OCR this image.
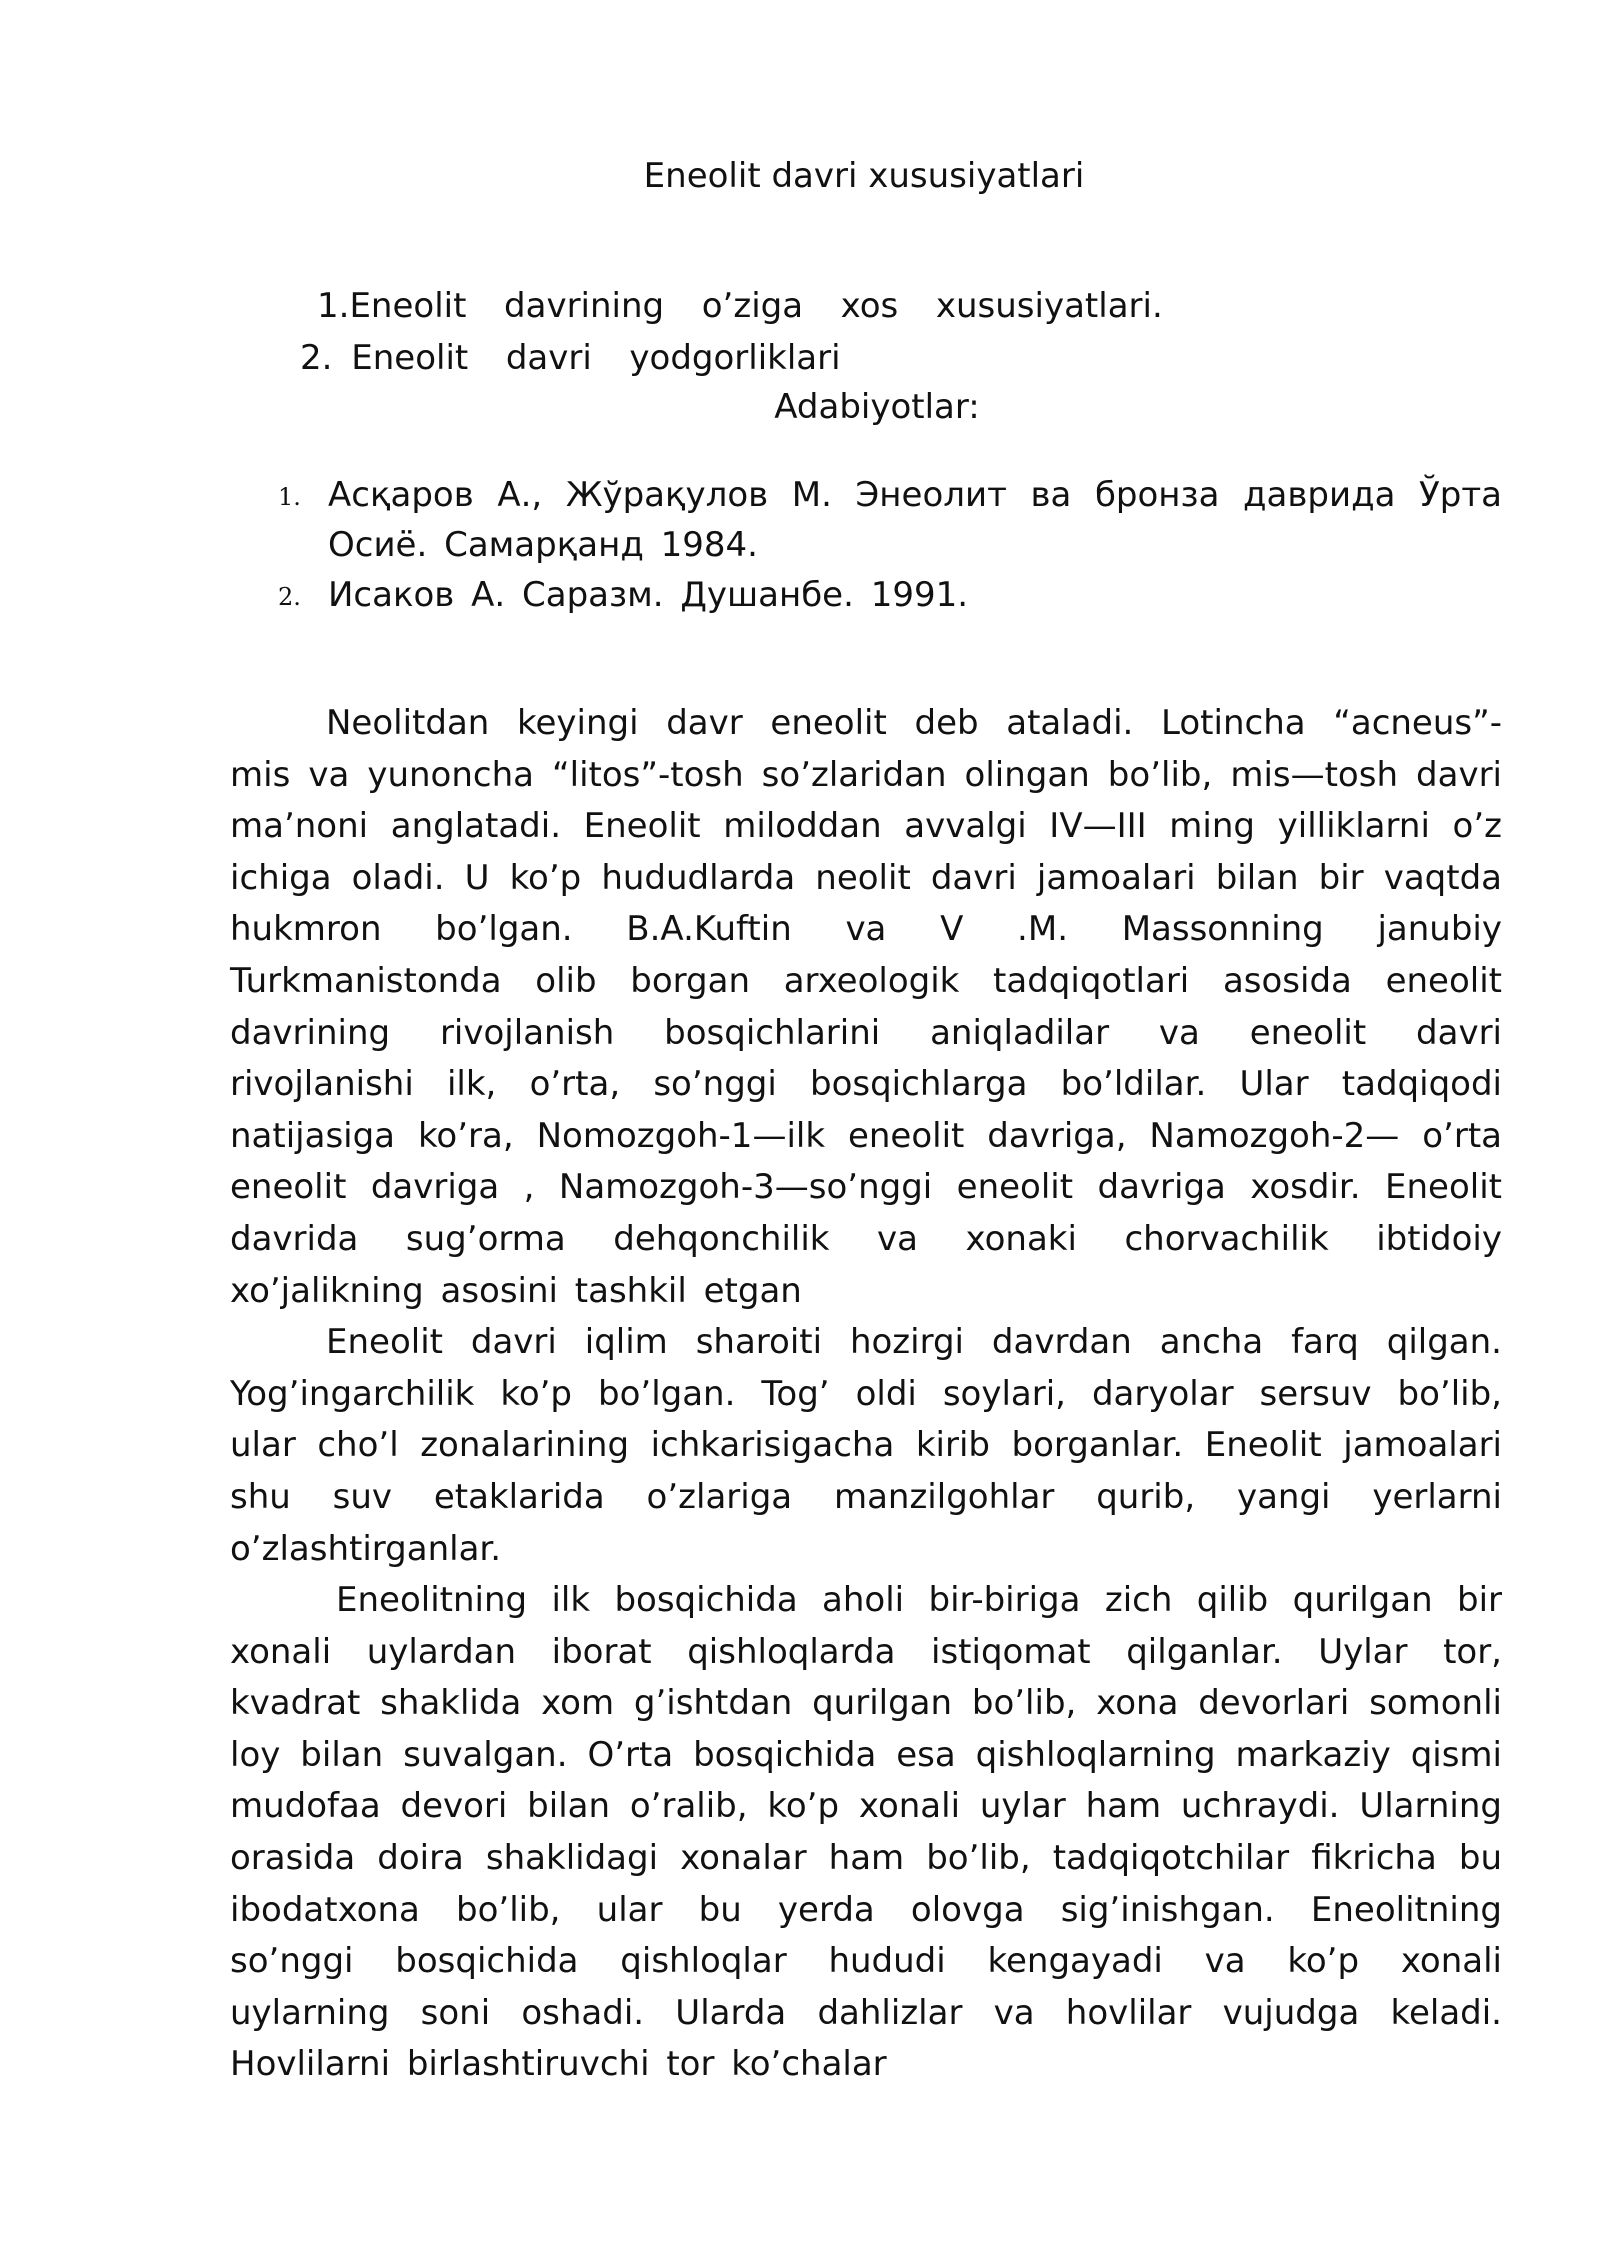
Eneolit davri xususiyatlari
1.Eneolit  davrining  o’ziga  xos  xususiyatlari.
2. Eneolit  davri  yodgorliklari
Adabiyotlar:
1. Асқаров А., Жўрақулов М. Энеолит ва бронза даврида Ўрта Осиё. Самарқанд 1984.
2. Исаков А. Саразм. Душанбе. 1991.

Neolitdan keyingi davr eneolit deb ataladi. Lotincha “acneus”- mis va yunoncha “litos”-tosh so’zlaridan olingan bo’lib, mis—tosh davri ma’noni anglatadi. Eneolit miloddan avvalgi IV—III ming yilliklarni o’z ichiga oladi. U ko’p hududlarda neolit davri jamoalari bilan bir vaqtda hukmron bo’lgan. B.A.Kuftin va V .M. Massonning janubiy Turkmanistonda olib borgan arxeologik tadqiqotlari asosida eneolit davrining rivojlanish bosqichlarini aniqladilar va eneolit davri rivojlanishi ilk, o’rta, so’nggi bosqichlarga bo’ldilar. Ular tadqiqodi natijasiga ko’ra, Nomozgoh-1—ilk eneolit davriga, Namozgoh-2— o’rta eneolit davriga , Namozgoh-3—so’nggi eneolit davriga xosdir. Eneolit davrida sug’orma dehqonchilik va xonaki chorvachilik ibtidoiy xo’jalikning asosini tashkil etgan

Eneolit davri iqlim sharoiti hozirgi davrdan ancha farq qilgan. Yog’ingarchilik ko’p bo’lgan. Tog’ oldi soylari, daryolar sersuv bo’lib, ular cho’l zonalarining ichkarisigacha kirib borganlar. Eneolit jamoalari shu suv etaklarida o’zlariga manzilgohlar qurib, yangi yerlarni o’zlashtirganlar.

Eneolitning ilk bosqichida aholi bir-biriga zich qilib qurilgan bir xonali uylardan iborat qishloqlarda istiqomat qilganlar. Uylar tor, kvadrat shaklida xom g’ishtdan qurilgan bo’lib, xona devorlari somonli loy bilan suvalgan. O’rta bosqichida esa qishloqlarning markaziy qismi mudofaa devori bilan o’ralib, ko’p xonali uylar ham uchraydi. Ularning orasida doira shaklidagi xonalar ham bo’lib, tadqiqotchilar fikricha bu ibodatxona bo’lib, ular bu yerda olovga sig’inishgan. Eneolitning so’nggi bosqichida qishloqlar hududi kengayadi va ko’p xonali uylarning soni oshadi. Ularda dahlizlar va hovlilar vujudga keladi. Hovlilarni birlashtiruvchi tor ko’chalar
